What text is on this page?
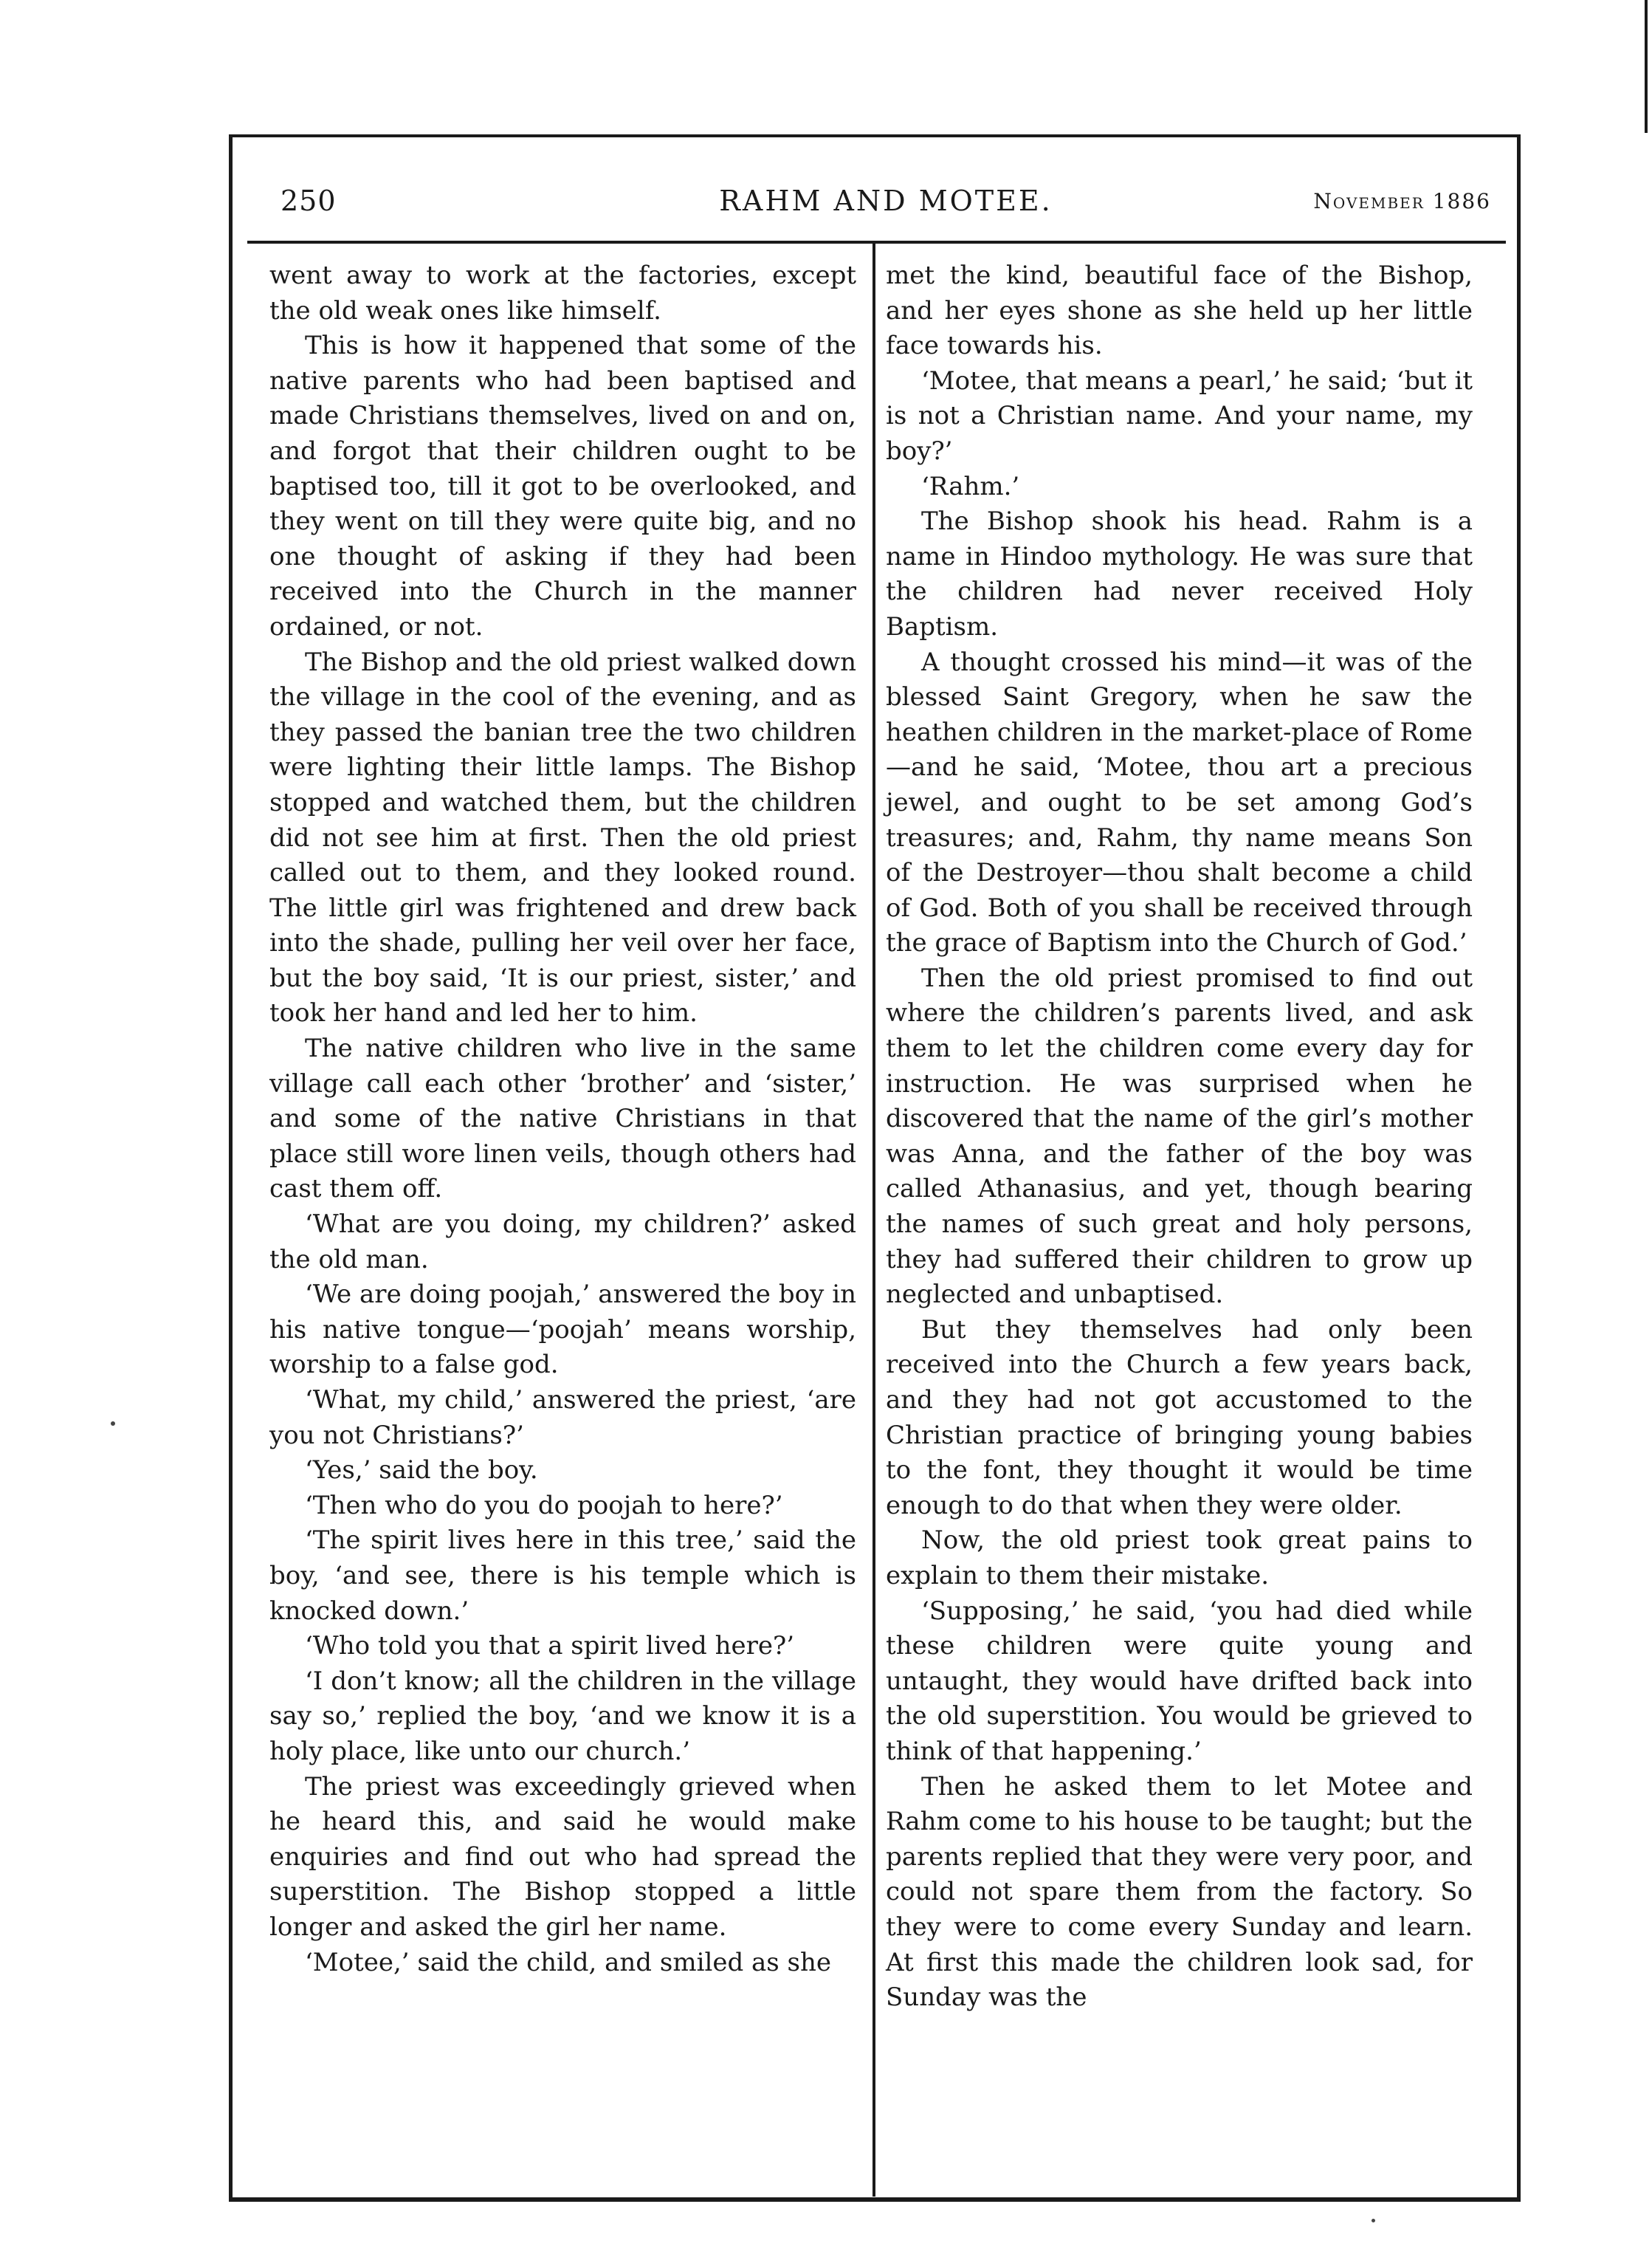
250	RAHM AND MOTEE.	November 1886

went away to work at the factories, except the old weak ones like himself.

This is how it happened that some of the native parents who had been baptised and made Christians themselves, lived on and on, and forgot that their children ought to be baptised too, till it got to be overlooked, and they went on till they were quite big, and no one thought of asking if they had been received into the Church in the manner ordained, or not.

The Bishop and the old priest walked down the village in the cool of the evening, and as they passed the banian tree the two children were lighting their little lamps. The Bishop stopped and watched them, but the children did not see him at first. Then the old priest called out to them, and they looked round. The little girl was frightened and drew back into the shade, pulling her veil over her face, but the boy said, ‘It is our priest, sister,’ and took her hand and led her to him.

The native children who live in the same village call each other ‘brother’ and ‘sister,’ and some of the native Christians in that place still wore linen veils, though others had cast them off.

‘What are you doing, my children?’ asked the old man.

‘We are doing poojah,’ answered the boy in his native tongue—‘poojah’ means worship, worship to a false god.

‘What, my child,’ answered the priest, ‘are you not Christians?’

‘Yes,’ said the boy.

‘Then who do you do poojah to here?’

‘The spirit lives here in this tree,’ said the boy, ‘and see, there is his temple which is knocked down.’

‘Who told you that a spirit lived here?’

‘I don’t know; all the children in the village say so,’ replied the boy, ‘and we know it is a holy place, like unto our church.’

The priest was exceedingly grieved when he heard this, and said he would make enquiries and find out who had spread the superstition. The Bishop stopped a little longer and asked the girl her name.

‘Motee,’ said the child, and smiled as she

met the kind, beautiful face of the Bishop, and her eyes shone as she held up her little face towards his.

‘Motee, that means a pearl,’ he said; ‘but it is not a Christian name. And your name, my boy?’

‘Rahm.’

The Bishop shook his head. Rahm is a name in Hindoo mythology. He was sure that the children had never received Holy Baptism.

A thought crossed his mind—it was of the blessed Saint Gregory, when he saw the heathen children in the market-place of Rome—and he said, ‘Motee, thou art a precious jewel, and ought to be set among God’s treasures; and, Rahm, thy name means Son of the Destroyer—thou shalt become a child of God. Both of you shall be received through the grace of Baptism into the Church of God.’

Then the old priest promised to find out where the children’s parents lived, and ask them to let the children come every day for instruction. He was surprised when he discovered that the name of the girl’s mother was Anna, and the father of the boy was called Athanasius, and yet, though bearing the names of such great and holy persons, they had suffered their children to grow up neglected and unbaptised.

But they themselves had only been received into the Church a few years back, and they had not got accustomed to the Christian practice of bringing young babies to the font, they thought it would be time enough to do that when they were older.

Now, the old priest took great pains to explain to them their mistake.

‘Supposing,’ he said, ‘you had died while these children were quite young and untaught, they would have drifted back into the old superstition. You would be grieved to think of that happening.’

Then he asked them to let Motee and Rahm come to his house to be taught; but the parents replied that they were very poor, and could not spare them from the factory. So they were to come every Sunday and learn. At first this made the children look sad, for Sunday was the
